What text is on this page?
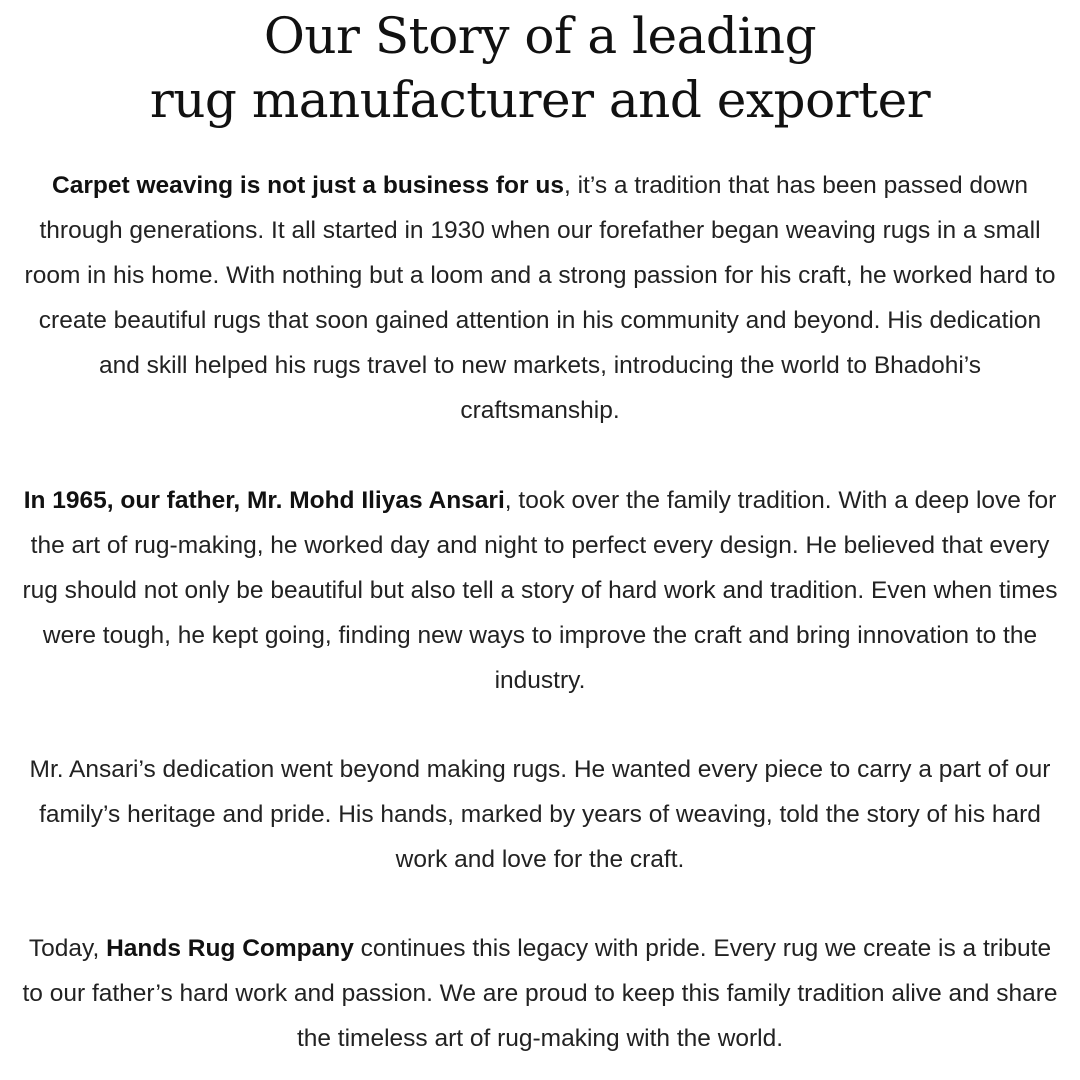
Our Story of a leading
rug manufacturer and exporter

Carpet weaving is not just a business for us, it’s a tradition that has been passed down through generations. It all started in 1930 when our forefather began weaving rugs in a small room in his home. With nothing but a loom and a strong passion for his craft, he worked hard to create beautiful rugs that soon gained attention in his community and beyond. His dedication and skill helped his rugs travel to new markets, introducing the world to Bhadohi’s craftsmanship.

In 1965, our father, Mr. Mohd Iliyas Ansari, took over the family tradition. With a deep love for the art of rug-making, he worked day and night to perfect every design. He believed that every rug should not only be beautiful but also tell a story of hard work and tradition. Even when times were tough, he kept going, finding new ways to improve the craft and bring innovation to the industry.

Mr. Ansari’s dedication went beyond making rugs. He wanted every piece to carry a part of our family’s heritage and pride. His hands, marked by years of weaving, told the story of his hard work and love for the craft.

Today, Hands Rug Company continues this legacy with pride. Every rug we create is a tribute to our father’s hard work and passion. We are proud to keep this family tradition alive and share the timeless art of rug-making with the world.
